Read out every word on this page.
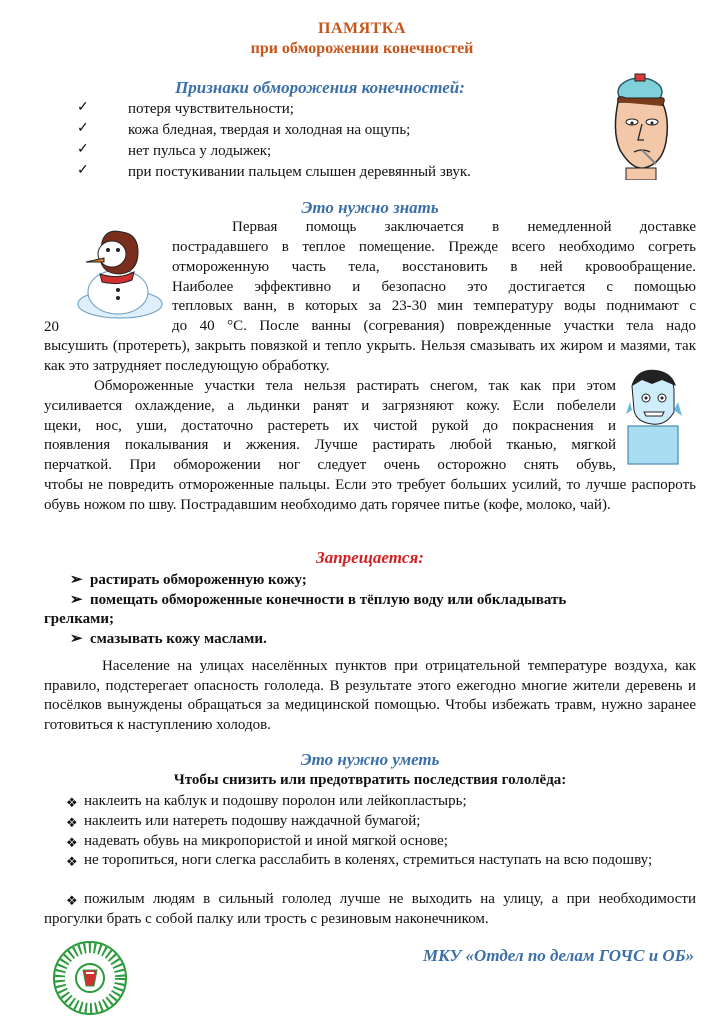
ПАМЯТКА
при обморожении конечностей
Признаки обморожения конечностей:
✓	потеря чувствительности;
✓	кожа бледная, твердая и холодная на ощупь;
✓	нет пульса у лодыжек;
✓	при постукивании пальцем слышен деревянный звук.
Это нужно знать
Первая помощь заключается в немедленной доставке
пострадавшего в теплое помещение. Прежде всего необходимо согреть
отмороженную часть тела, восстановить в ней кровообращение.
Наиболее эффективно и безопасно это достигается с помощью
тепловых ванн, в которых за 23-30 мин температуру воды поднимают с
20	до 40 °С. После ванны (согревания) поврежденные участки тела надо
высушить (протереть), закрыть повязкой и тепло укрыть. Нельзя смазывать их жиром и мазями, так как это затрудняет последующую обработку.
Обмороженные участки тела нельзя растирать снегом, так как при этом
усиливается охлаждение, а льдинки ранят и загрязняют кожу. Если побелели
щеки, нос, уши, достаточно растереть их чистой рукой до покраснения и
появления покалывания и жжения. Лучше растирать любой тканью, мягкой
перчаткой. При обморожении ног следует очень осторожно снять обувь,
чтобы не повредить отмороженные пальцы. Если это требует больших усилий, то лучше распороть обувь ножом по шву. Пострадавшим необходимо дать горячее питье (кофе, молоко, чай).
Запрещается:
➢ растирать обмороженную кожу;
➢ помещать обмороженные конечности в тёплую воду или обкладывать
грелками;
➢ смазывать кожу маслами.
Население на улицах населённых пунктов при отрицательной температуре воздуха, как правило, подстерегает опасность гололеда. В результате этого ежегодно многие жители деревень и посёлков вынуждены обращаться за медицинской помощью. Чтобы избежать травм, нужно заранее готовиться к наступлению холодов.
Это нужно уметь
Чтобы снизить или предотвратить последствия гололёда:
❖ наклеить на каблук и подошву поролон или лейкопластырь;
❖ наклеить или натереть подошву наждачной бумагой;
❖ надевать обувь на микропористой и иной мягкой основе;
❖ не торопиться, ноги слегка расслабить в коленях, стремиться наступать на всю подошву;
❖ пожилым людям в сильный гололед лучше не выходить на улицу, а при необходимости прогулки брать с собой палку или трость с резиновым наконечником.
МКУ «Отдел по делам ГОЧС и ОБ»
